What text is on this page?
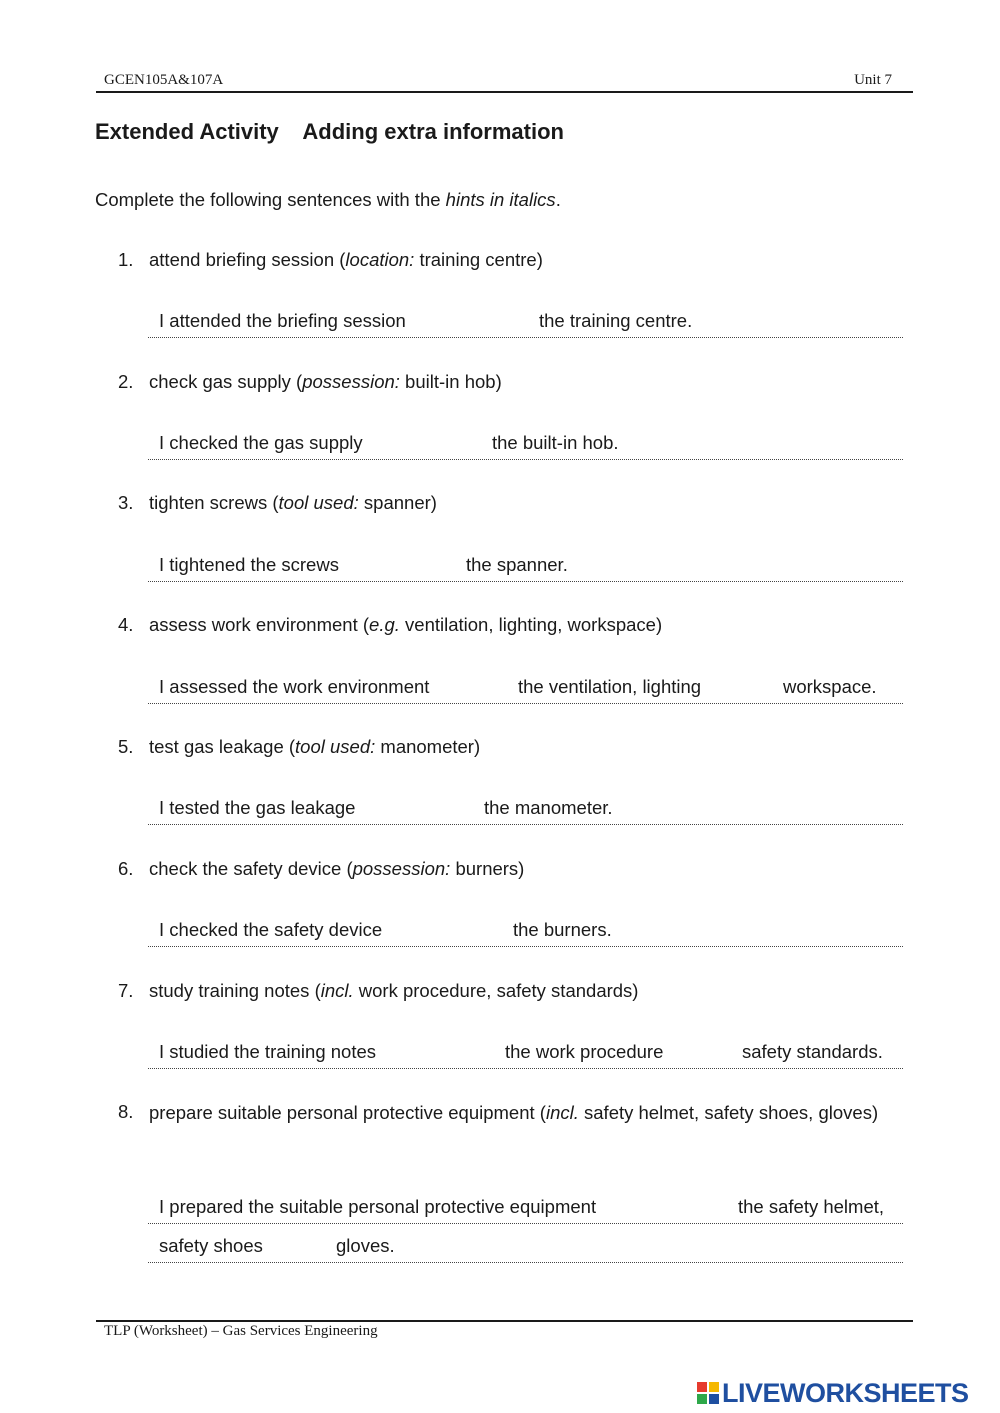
GCEN105A&107A	Unit 7
Extended Activity    Adding extra information
Complete the following sentences with the hints in italics.
1. attend briefing session (location: training centre)
I attended the briefing session	the training centre.
2. check gas supply (possession: built-in hob)
I checked the gas supply	the built-in hob.
3. tighten screws (tool used: spanner)
I tightened the screws	the spanner.
4. assess work environment (e.g. ventilation, lighting, workspace)
I assessed the work environment	the ventilation, lighting	workspace.
5. test gas leakage (tool used: manometer)
I tested the gas leakage	the manometer.
6. check the safety device (possession: burners)
I checked the safety device	the burners.
7. study training notes (incl. work procedure, safety standards)
I studied the training notes	the work procedure	safety standards.
8. prepare suitable personal protective equipment (incl. safety helmet, safety shoes, gloves)
I prepared the suitable personal protective equipment	the safety helmet,
safety shoes	gloves.
TLP (Worksheet) – Gas Services Engineering
LIVEWORKSHEETS
